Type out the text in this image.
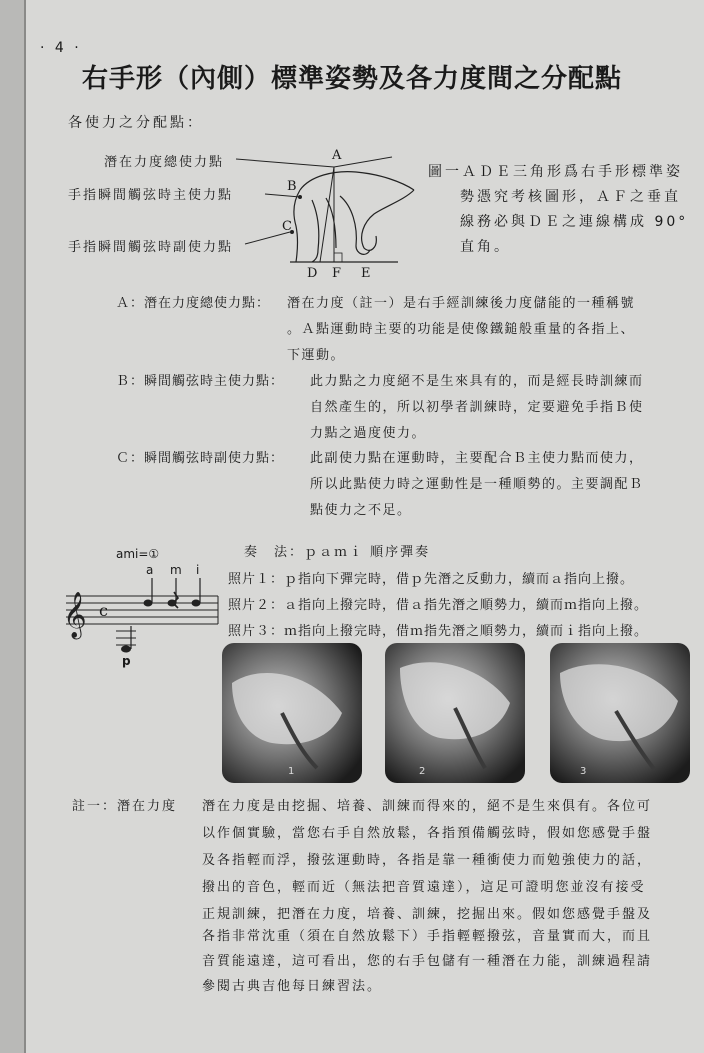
· 4 ·
右手形（內側）標準姿勢及各力度間之分配點
各使力之分配點：
潛在力度總使力點
手指瞬間觸弦時主使力點
手指瞬間觸弦時副使力點
A
B
C
D F E
圖一ＡＤＥ三角形爲右手形標準姿
勢憑究考核圖形，ＡＦ之垂直
線務必與ＤＥ之連線構成 90°
直角。
Ａ：潛在力度總使力點： 潛在力度（註一）是右手經訓練後力度儲能的一種稱號
。Ａ點運動時主要的功能是使像鐵鎚般重量的各指上、
下運動。
Ｂ：瞬間觸弦時主使力點： 此力點之力度絕不是生來具有的，而是經長時訓練而
自然產生的，所以初學者訓練時，定要避免手指Ｂ使
力點之過度使力。
Ｃ：瞬間觸弦時副使力點： 此副使力點在運動時，主要配合Ｂ主使力點而使力，
所以此點使力時之運動性是一種順勢的。主要調配Ｂ
點使力之不足。
奏　法：ｐａｍｉ 順序彈奏
ami=①
𝄞 c
a m i
p
照片１：ｐ指向下彈完時，借ｐ先潛之反動力，續而ａ指向上撥。
照片２：ａ指向上撥完時，借ａ指先潛之順勢力，續而ｍ指向上撥。
照片３：ｍ指向上撥完時，借ｍ指先潛之順勢力，續而ｉ指向上撥。
1	2	3
註一：潛在力度 潛在力度是由挖掘、培養、訓練而得來的，絕不是生來俱有。各位可
以作個實驗，當您右手自然放鬆，各指預備觸弦時，假如您感覺手盤
及各指輕而浮，撥弦運動時，各指是靠一種衝使力而勉強使力的話，
撥出的音色，輕而近（無法把音質遠達），這足可證明您並沒有接受
正規訓練，把潛在力度，培養、訓練，挖掘出來。假如您感覺手盤及
各指非常沈重（須在自然放鬆下）手指輕輕撥弦，音量實而大，而且
音質能遠達，這可看出，您的右手包儲有一種潛在力能，訓練過程請
參閱古典吉他每日練習法。
